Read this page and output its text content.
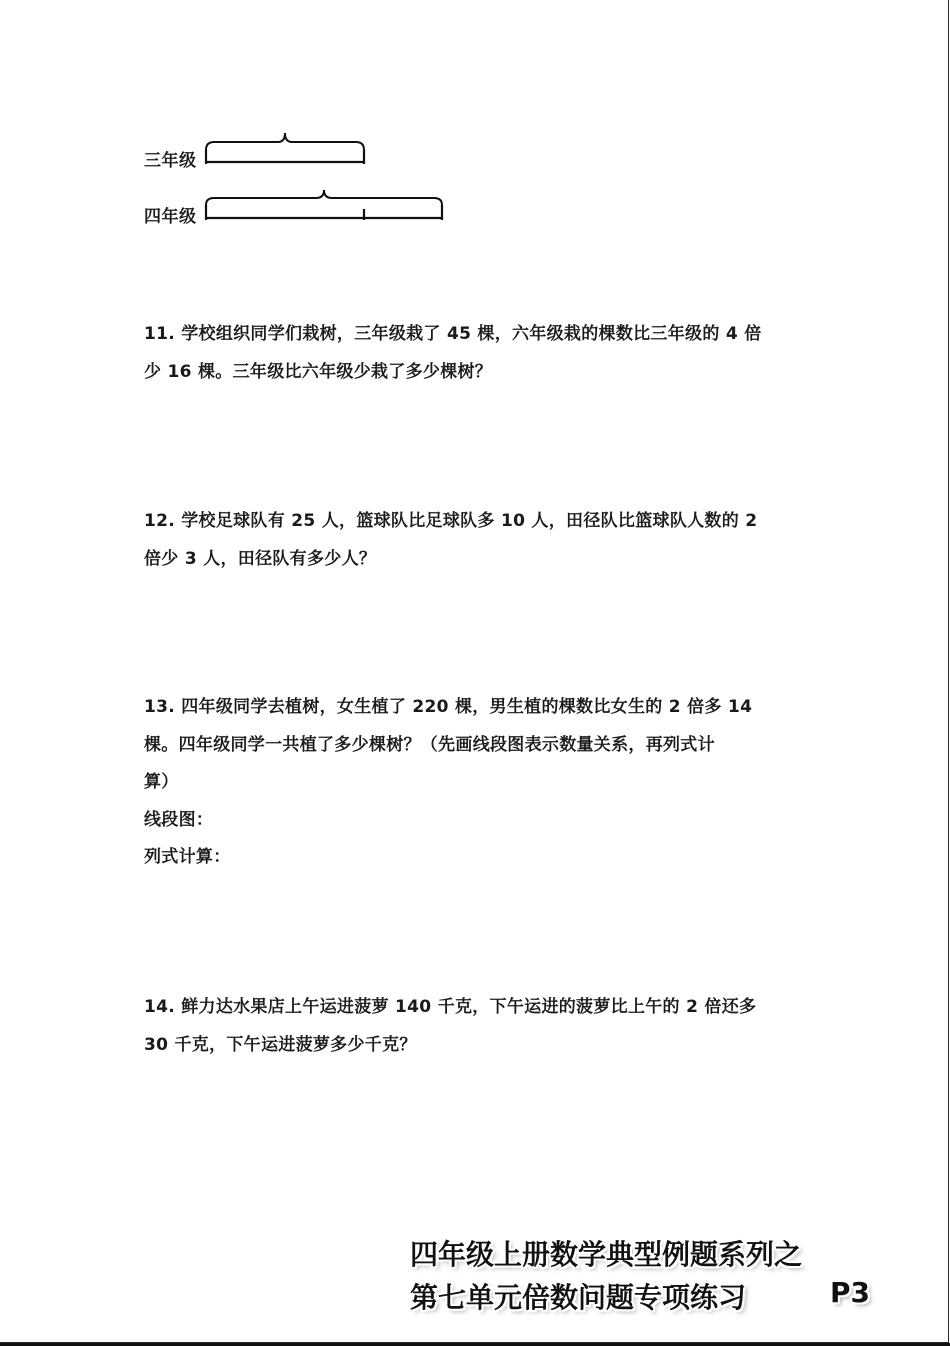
三年级
四年级
11. 学校组织同学们栽树，三年级栽了 45 棵，六年级栽的棵数比三年级的 4 倍
少 16 棵。三年级比六年级少栽了多少棵树？
12. 学校足球队有 25 人，篮球队比足球队多 10 人，田径队比篮球队人数的 2
倍少 3 人，田径队有多少人？
13. 四年级同学去植树，女生植了 220 棵，男生植的棵数比女生的 2 倍多 14
棵。四年级同学一共植了多少棵树？（先画线段图表示数量关系，再列式计
算）
线段图：
列式计算：
14. 鲜力达水果店上午运进菠萝 140 千克，下午运进的菠萝比上午的 2 倍还多
30 千克，下午运进菠萝多少千克？
四年级上册数学典型例题系列之
第七单元倍数问题专项练习	P3
